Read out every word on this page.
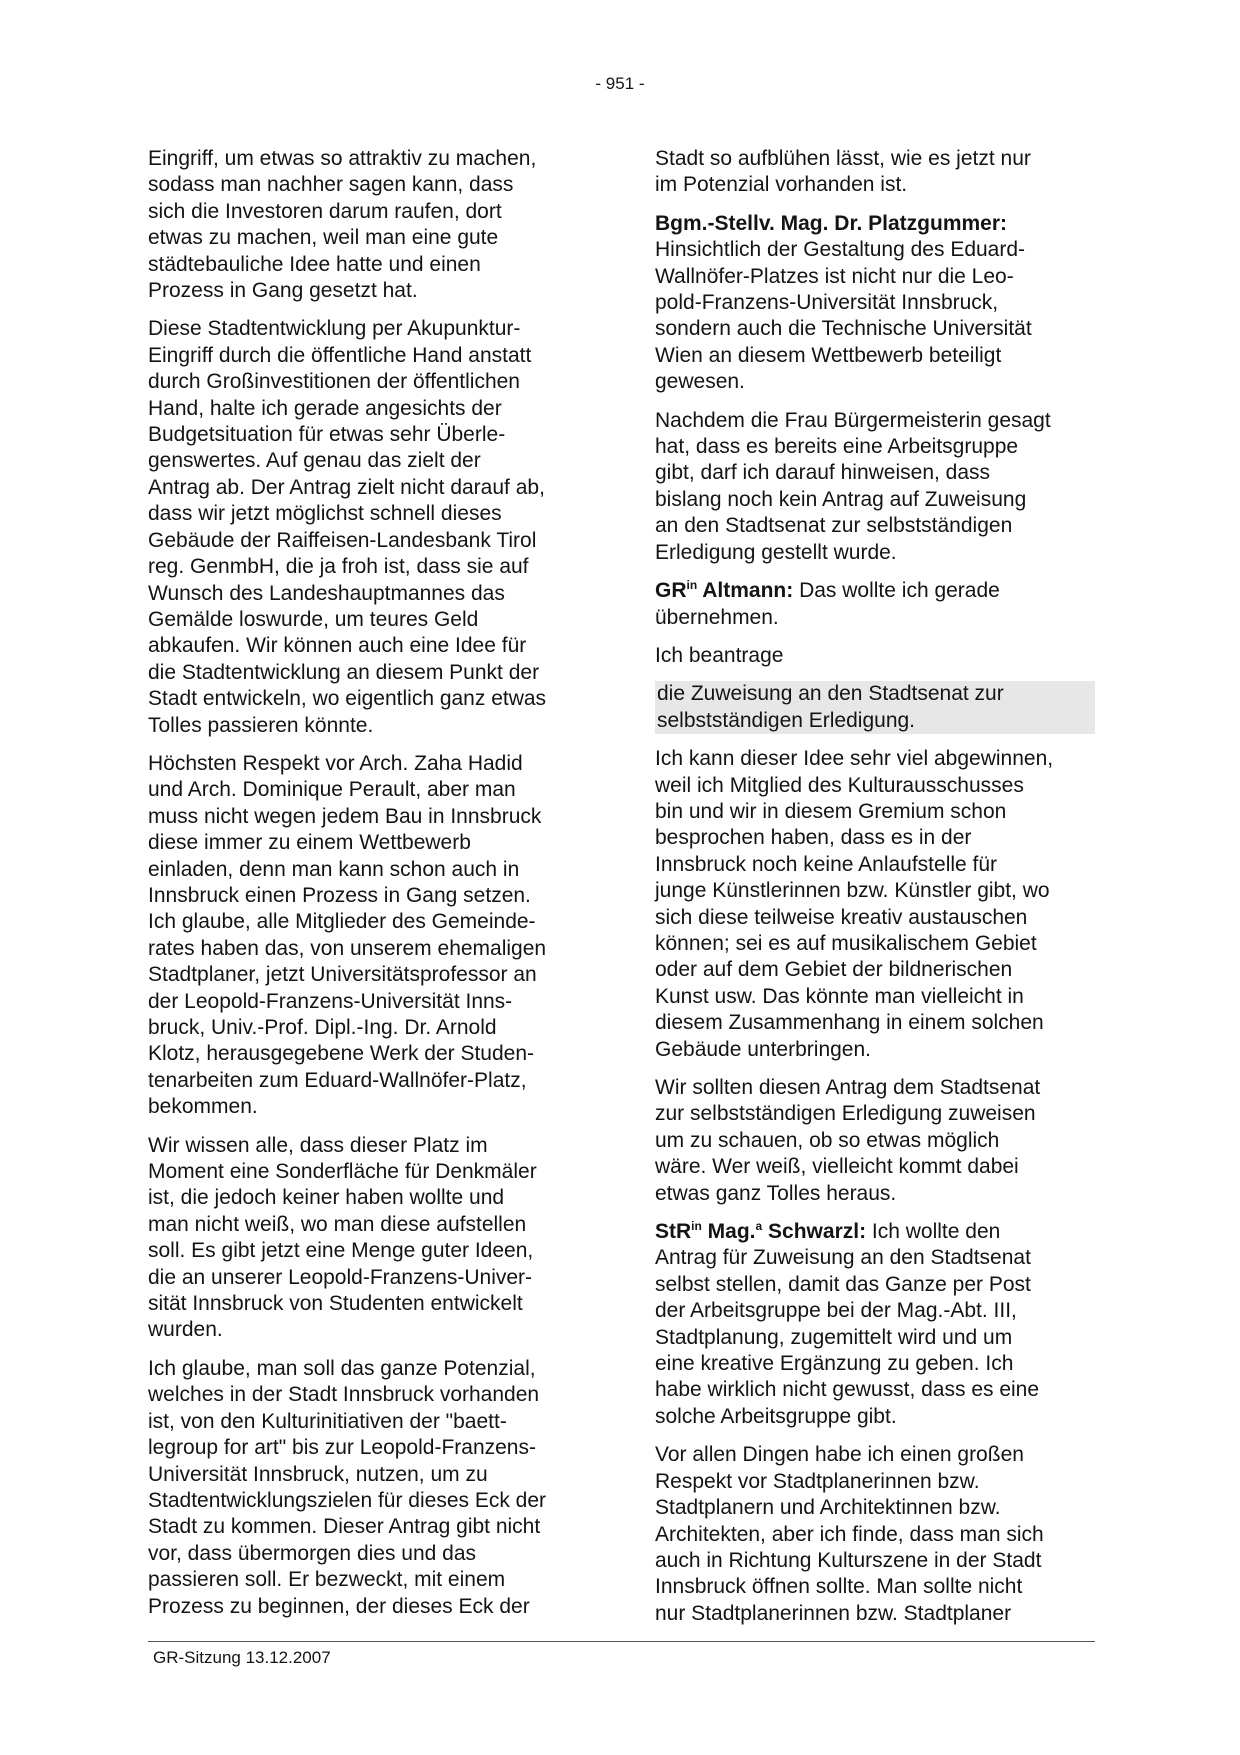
- 951 -

Eingriff, um etwas so attraktiv zu machen,
sodass man nachher sagen kann, dass
sich die Investoren darum raufen, dort
etwas zu machen, weil man eine gute
städtebauliche Idee hatte und einen
Prozess in Gang gesetzt hat.

Diese Stadtentwicklung per Akupunktur-
Eingriff durch die öffentliche Hand anstatt
durch Großinvestitionen der öffentlichen
Hand, halte ich gerade angesichts der
Budgetsituation für etwas sehr Überle-
genswertes. Auf genau das zielt der
Antrag ab. Der Antrag zielt nicht darauf ab,
dass wir jetzt möglichst schnell dieses
Gebäude der Raiffeisen-Landesbank Tirol
reg. GenmbH, die ja froh ist, dass sie auf
Wunsch des Landeshauptmannes das
Gemälde loswurde, um teures Geld
abkaufen. Wir können auch eine Idee für
die Stadtentwicklung an diesem Punkt der
Stadt entwickeln, wo eigentlich ganz etwas
Tolles passieren könnte.

Höchsten Respekt vor Arch. Zaha Hadid
und Arch. Dominique Perault, aber man
muss nicht wegen jedem Bau in Innsbruck
diese immer zu einem Wettbewerb
einladen, denn man kann schon auch in
Innsbruck einen Prozess in Gang setzen.
Ich glaube, alle Mitglieder des Gemeinde-
rates haben das, von unserem ehemaligen
Stadtplaner, jetzt Universitätsprofessor an
der Leopold-Franzens-Universität Inns-
bruck, Univ.-Prof. Dipl.-Ing. Dr. Arnold
Klotz, herausgegebene Werk der Studen-
tenarbeiten zum Eduard-Wallnöfer-Platz,
bekommen.

Wir wissen alle, dass dieser Platz im
Moment eine Sonderfläche für Denkmäler
ist, die jedoch keiner haben wollte und
man nicht weiß, wo man diese aufstellen
soll. Es gibt jetzt eine Menge guter Ideen,
die an unserer Leopold-Franzens-Univer-
sität Innsbruck von Studenten entwickelt
wurden.

Ich glaube, man soll das ganze Potenzial,
welches in der Stadt Innsbruck vorhanden
ist, von den Kulturinitiativen der "baett-
legroup for art" bis zur Leopold-Franzens-
Universität Innsbruck, nutzen, um zu
Stadtentwicklungszielen für dieses Eck der
Stadt zu kommen. Dieser Antrag gibt nicht
vor, dass übermorgen dies und das
passieren soll. Er bezweckt, mit einem
Prozess zu beginnen, der dieses Eck der

Stadt so aufblühen lässt, wie es jetzt nur
im Potenzial vorhanden ist.

Bgm.-Stellv. Mag. Dr. Platzgummer:
Hinsichtlich der Gestaltung des Eduard-
Wallnöfer-Platzes ist nicht nur die Leo-
pold-Franzens-Universität Innsbruck,
sondern auch die Technische Universität
Wien an diesem Wettbewerb beteiligt
gewesen.

Nachdem die Frau Bürgermeisterin gesagt
hat, dass es bereits eine Arbeitsgruppe
gibt, darf ich darauf hinweisen, dass
bislang noch kein Antrag auf Zuweisung
an den Stadtsenat zur selbstständigen
Erledigung gestellt wurde.

$GR^{in}$ Altmann: Das wollte ich gerade
übernehmen.

Ich beantrage

die Zuweisung an den Stadtsenat zur
selbstständigen Erledigung.

Ich kann dieser Idee sehr viel abgewinnen,
weil ich Mitglied des Kulturausschusses
bin und wir in diesem Gremium schon
besprochen haben, dass es in der
Innsbruck noch keine Anlaufstelle für
junge Künstlerinnen bzw. Künstler gibt, wo
sich diese teilweise kreativ austauschen
können; sei es auf musikalischem Gebiet
oder auf dem Gebiet der bildnerischen
Kunst usw. Das könnte man vielleicht in
diesem Zusammenhang in einem solchen
Gebäude unterbringen.

Wir sollten diesen Antrag dem Stadtsenat
zur selbstständigen Erledigung zuweisen
um zu schauen, ob so etwas möglich
wäre. Wer weiß, vielleicht kommt dabei
etwas ganz Tolles heraus.

StR$^{in}$ Mag.$^a$ Schwarzl: Ich wollte den
Antrag für Zuweisung an den Stadtsenat
selbst stellen, damit das Ganze per Post
der Arbeitsgruppe bei der Mag.-Abt. III,
Stadtplanung, zugemittelt wird und um
eine kreative Ergänzung zu geben. Ich
habe wirklich nicht gewusst, dass es eine
solche Arbeitsgruppe gibt.

Vor allen Dingen habe ich einen großen
Respekt vor Stadtplanerinnen bzw.
Stadtplanern und Architektinnen bzw.
Architekten, aber ich finde, dass man sich
auch in Richtung Kulturszene in der Stadt
Innsbruck öffnen sollte. Man sollte nicht
nur Stadtplanerinnen bzw. Stadtplaner

GR-Sitzung 13.12.2007
